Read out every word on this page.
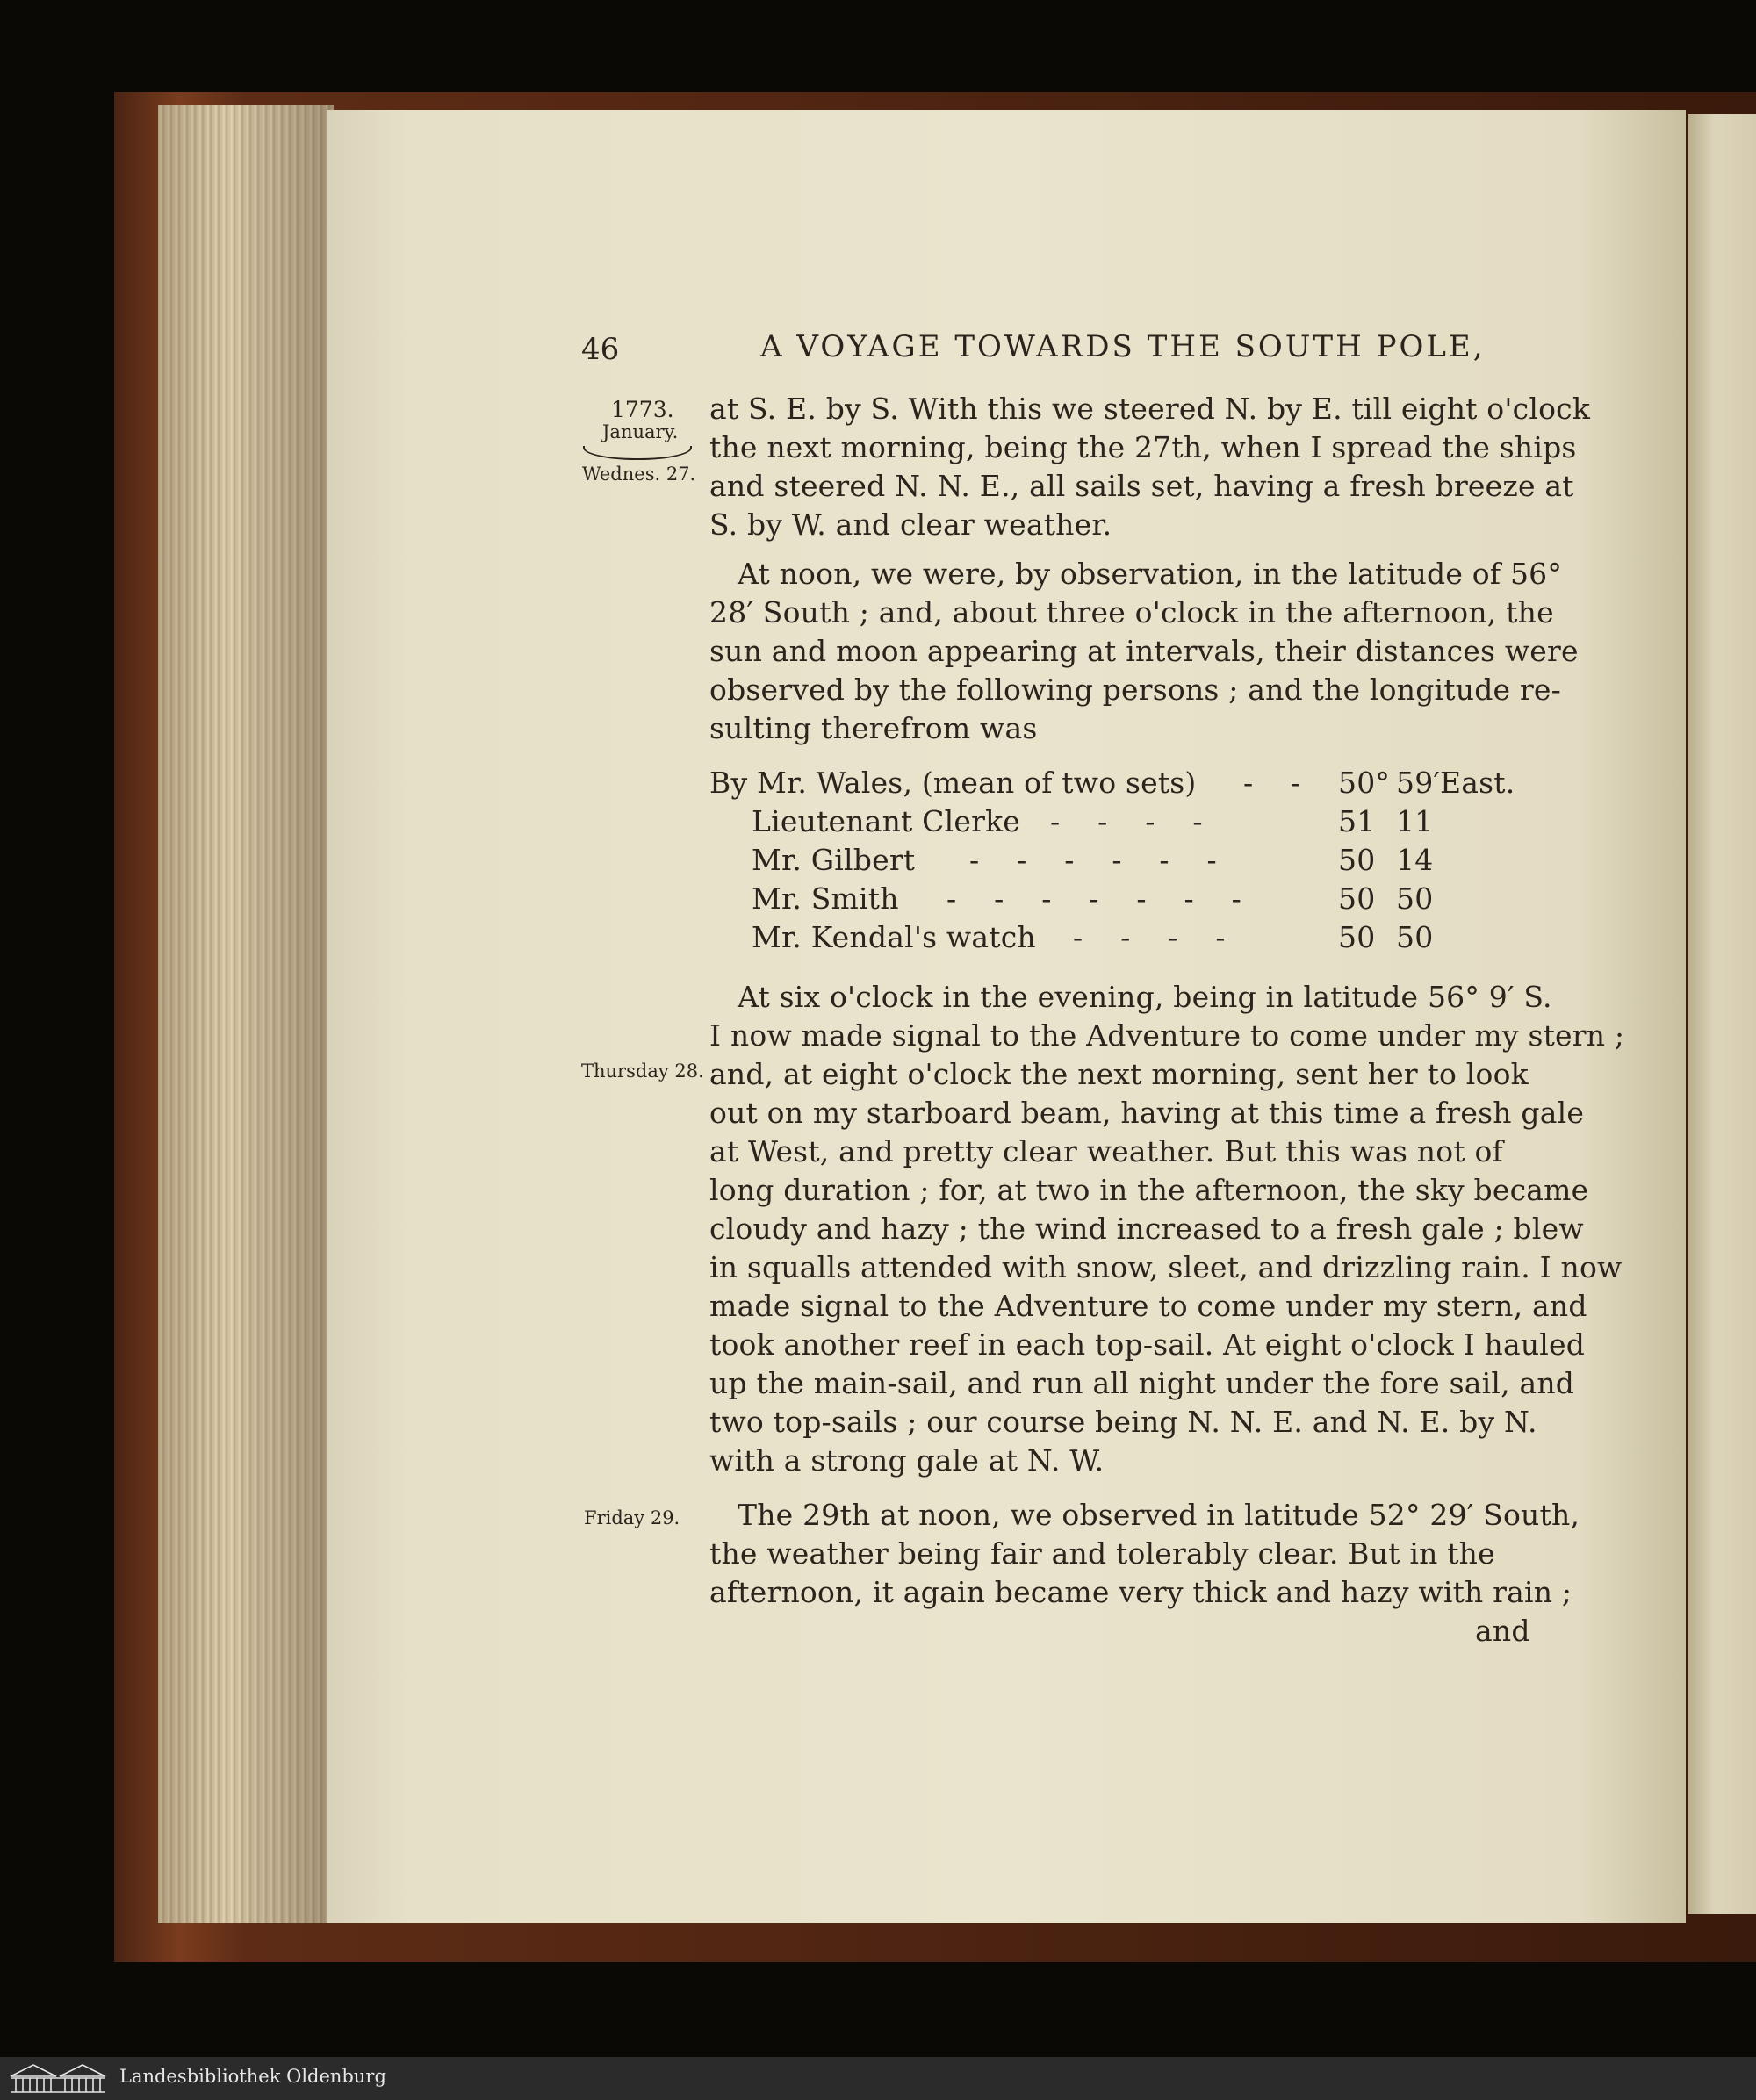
46	A VOYAGE TOWARDS THE SOUTH POLE,
1773.
January.
Wednes. 27.
Thursday 28.
Friday 29.
at S. E. by S. With this we steered N. by E. till eight o'clock
the next morning, being the 27th, when I spread the ships
and steered N. N. E., all sails set, having a fresh breeze at
S. by W. and clear weather.
At noon, we were, by observation, in the latitude of 56°
28′ South ; and, about three o'clock in the afternoon, the
sun and moon appearing at intervals, their distances were
observed by the following persons ; and the longitude re-
sulting therefrom was
By Mr. Wales, (mean of two sets) -    - 50° 59′ East.
Lieutenant Clerke -    -    -    -	51 11
Mr. Gilbert -    -    -    -    -    -	50 14
Mr. Smith -    -    -    -    -    -    -	50 50
Mr. Kendal's watch -    -    -    -	50 50
At six o'clock in the evening, being in latitude 56° 9′ S.
I now made signal to the Adventure to come under my stern ;
and, at eight o'clock the next morning, sent her to look
out on my starboard beam, having at this time a fresh gale
at West, and pretty clear weather. But this was not of
long duration ; for, at two in the afternoon, the sky became
cloudy and hazy ; the wind increased to a fresh gale ; blew
in squalls attended with snow, sleet, and drizzling rain. I now
made signal to the Adventure to come under my stern, and
took another reef in each top-sail. At eight o'clock I hauled
up the main-sail, and run all night under the fore sail, and
two top-sails ; our course being N. N. E. and N. E. by N.
with a strong gale at N. W.
The 29th at noon, we observed in latitude 52° 29′ South,
the weather being fair and tolerably clear. But in the
afternoon, it again became very thick and hazy with rain ;
and
Landesbibliothek Oldenburg
